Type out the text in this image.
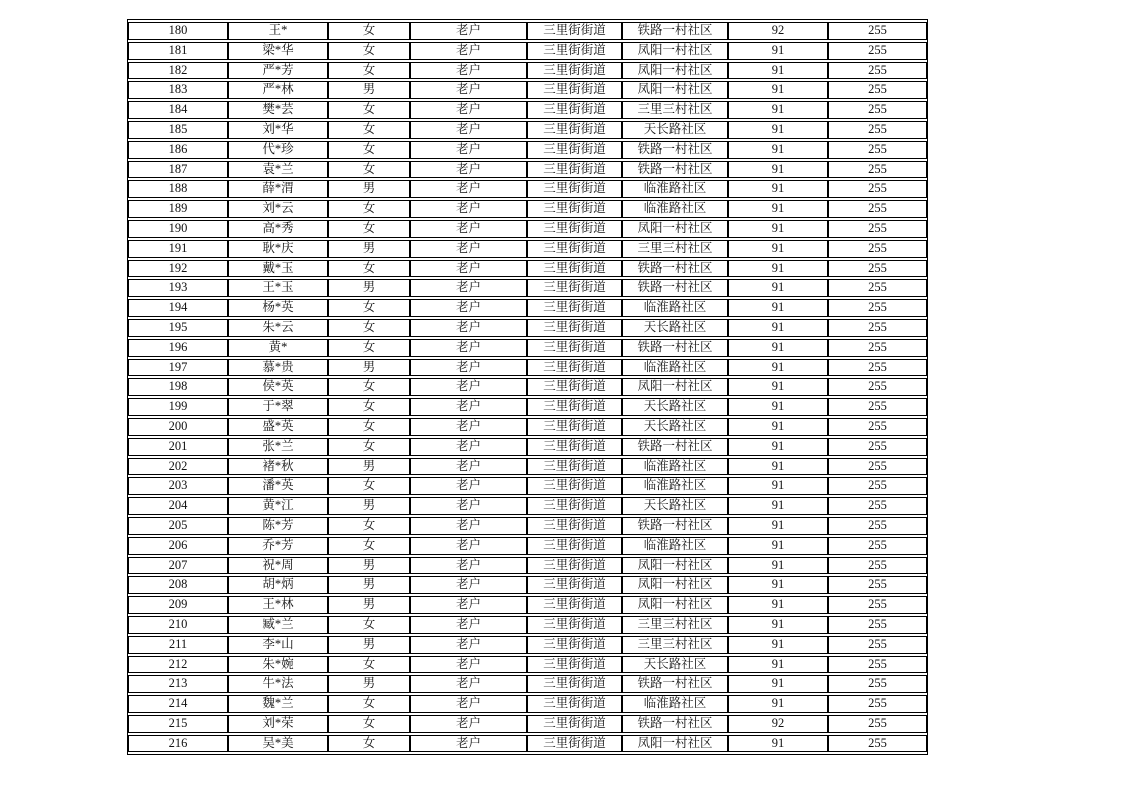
180	王*	女	老户	三里街街道	铁路一村社区	92	255
181	梁*华	女	老户	三里街街道	凤阳一村社区	91	255
182	严*芳	女	老户	三里街街道	凤阳一村社区	91	255
183	严*林	男	老户	三里街街道	凤阳一村社区	91	255
184	樊*芸	女	老户	三里街街道	三里三村社区	91	255
185	刘*华	女	老户	三里街街道	天长路社区	91	255
186	代*珍	女	老户	三里街街道	铁路一村社区	91	255
187	袁*兰	女	老户	三里街街道	铁路一村社区	91	255
188	薛*渭	男	老户	三里街街道	临淮路社区	91	255
189	刘*云	女	老户	三里街街道	临淮路社区	91	255
190	高*秀	女	老户	三里街街道	凤阳一村社区	91	255
191	耿*庆	男	老户	三里街街道	三里三村社区	91	255
192	戴*玉	女	老户	三里街街道	铁路一村社区	91	255
193	王*玉	男	老户	三里街街道	铁路一村社区	91	255
194	杨*英	女	老户	三里街街道	临淮路社区	91	255
195	朱*云	女	老户	三里街街道	天长路社区	91	255
196	黄*	女	老户	三里街街道	铁路一村社区	91	255
197	慕*贵	男	老户	三里街街道	临淮路社区	91	255
198	侯*英	女	老户	三里街街道	凤阳一村社区	91	255
199	于*翠	女	老户	三里街街道	天长路社区	91	255
200	盛*英	女	老户	三里街街道	天长路社区	91	255
201	张*兰	女	老户	三里街街道	铁路一村社区	91	255
202	褚*秋	男	老户	三里街街道	临淮路社区	91	255
203	潘*英	女	老户	三里街街道	临淮路社区	91	255
204	黄*江	男	老户	三里街街道	天长路社区	91	255
205	陈*芳	女	老户	三里街街道	铁路一村社区	91	255
206	乔*芳	女	老户	三里街街道	临淮路社区	91	255
207	祝*周	男	老户	三里街街道	凤阳一村社区	91	255
208	胡*炳	男	老户	三里街街道	凤阳一村社区	91	255
209	王*林	男	老户	三里街街道	凤阳一村社区	91	255
210	臧*兰	女	老户	三里街街道	三里三村社区	91	255
211	李*山	男	老户	三里街街道	三里三村社区	91	255
212	朱*婉	女	老户	三里街街道	天长路社区	91	255
213	牛*法	男	老户	三里街街道	铁路一村社区	91	255
214	魏*兰	女	老户	三里街街道	临淮路社区	91	255
215	刘*荣	女	老户	三里街街道	铁路一村社区	92	255
216	吴*美	女	老户	三里街街道	凤阳一村社区	91	255
